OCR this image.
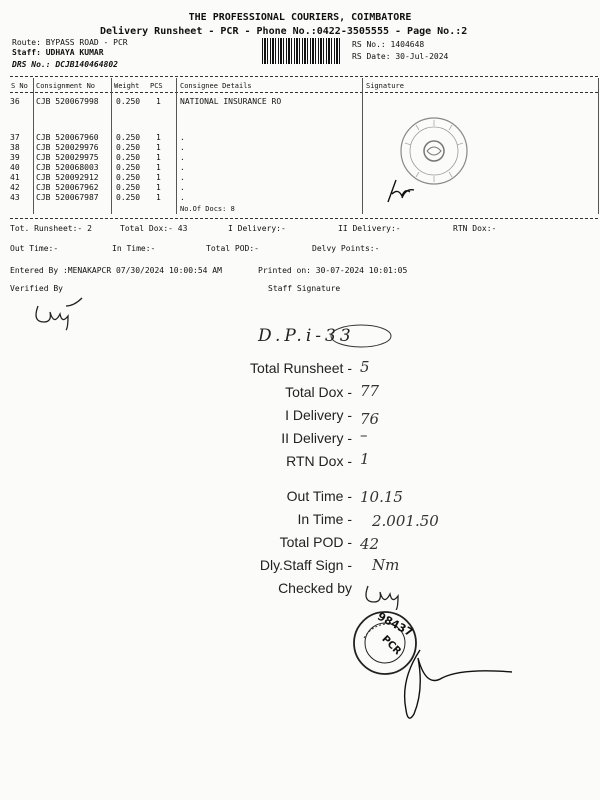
THE PROFESSIONAL COURIERS, COIMBATORE
Delivery Runsheet - PCR - Phone No.:0422-3505555 - Page No.:2
Route: BYPASS ROAD - PCR
Staff: UDHAYA KUMAR
DRS No.: DCJB140464802
RS No.: 1404648
RS Date: 30-Jul-2024
S No Consignment No	Weight PCS Consignee Details	Signature
36 CJB 520067998 0.250 1 NATIONAL INSURANCE RO
37 CJB 520067960 0.250 1 .
38 CJB 520029976 0.250 1 .
39 CJB 520029975 0.250 1 .
40 CJB 520068003 0.250 1 .
41 CJB 520092912 0.250 1 .
42 CJB 520067962 0.250 1 .
43 CJB 520067987 0.250 1 .
No.Of Docs: 8
Tot. Runsheet:- 2	Total Dox:- 43	I Delivery:-	II Delivery:-	RTN Dox:-
Out Time:-	In Time:-	Total POD:-	Delvy Points:-
Entered By :MENAKAPCR 07/30/2024 10:00:54 AM	Printed on: 30-07-2024 10:01:05
Verified By	Staff Signature
D.P.i-33
Total Runsheet - 5
Total Dox - 77
I Delivery - 76
II Delivery - –
RTN Dox - 1
Out Time - 10.15
In Time - 2.001.50
Total POD - 42
Dly.Staff Sign - Nm
Checked by
98437
PCR
